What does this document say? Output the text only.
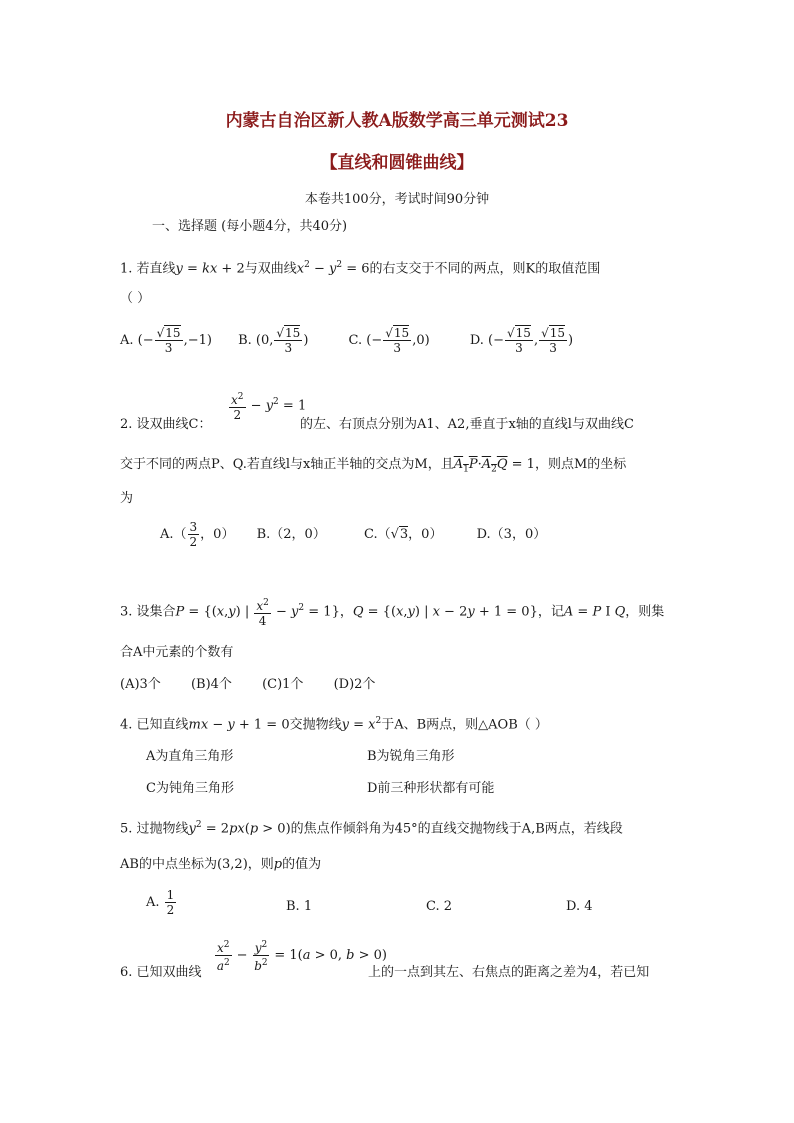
内蒙古自治区新人教A版数学高三单元测试23
【直线和圆锥曲线】
本卷共100分，考试时间90分钟
一、选择题 (每小题4分，共40分)
1. 若直线y = kx + 2与双曲线$x^2 - y^2 = 6$的右支交于不同的两点，则K的取值范围
（ ）
A. (− $\frac{√15}{3} ,-1$) B. (0, $\frac{√15}{3}$ )	C. (− $\frac{√15}{3} ,0$)	D. (− $\frac{√15}{3}$ , $\frac{√15}{3}$ )
$\frac{x^2}{2} - y^2 = 1$
2. 设双曲线C：	的左、右顶点分别为A1、A2,垂直于x轴的直线l与双曲线C
交于不同的两点P、Q.若直线l与x轴正半轴的交点为M，且$A_1P\cdot A_2Q = 1$，则点M的坐标
为
$A.( \frac{3}{2}$ ，0） B.（2，0）	C.（√3，0）	D.（3，0）
3. 设集合P = {(x,y) | $\frac{x^2}{4} - y^2 = 1$}，Q = {(x,y) | x − 2y + 1 = 0}，记A = P I Q，则集
合A中元素的个数有
(A)3个 (B)4个 (C)1个 (D)2个
4. 已知直线mx − y + 1 = 0交抛物线$y = x^2$于A、B两点，则△AOB（ ）
A为直角三角形	B为锐角三角形
C为钝角三角形	D前三种形状都有可能
5. 过抛物线$y^2 = 2px(p > 0)$的焦点作倾斜角为45°的直线交抛物线于A,B两点，若线段
AB的中点坐标为(3,2)，则p的值为
A. $\frac{1}{2}$	B. 1	C. 2	D. 4
$\frac{x^2}{a^2} - \frac{y^2}{b^2} = 1(a > 0$, b > 0)
6. 已知双曲线	上的一点到其左、右焦点的距离之差为4，若已知
